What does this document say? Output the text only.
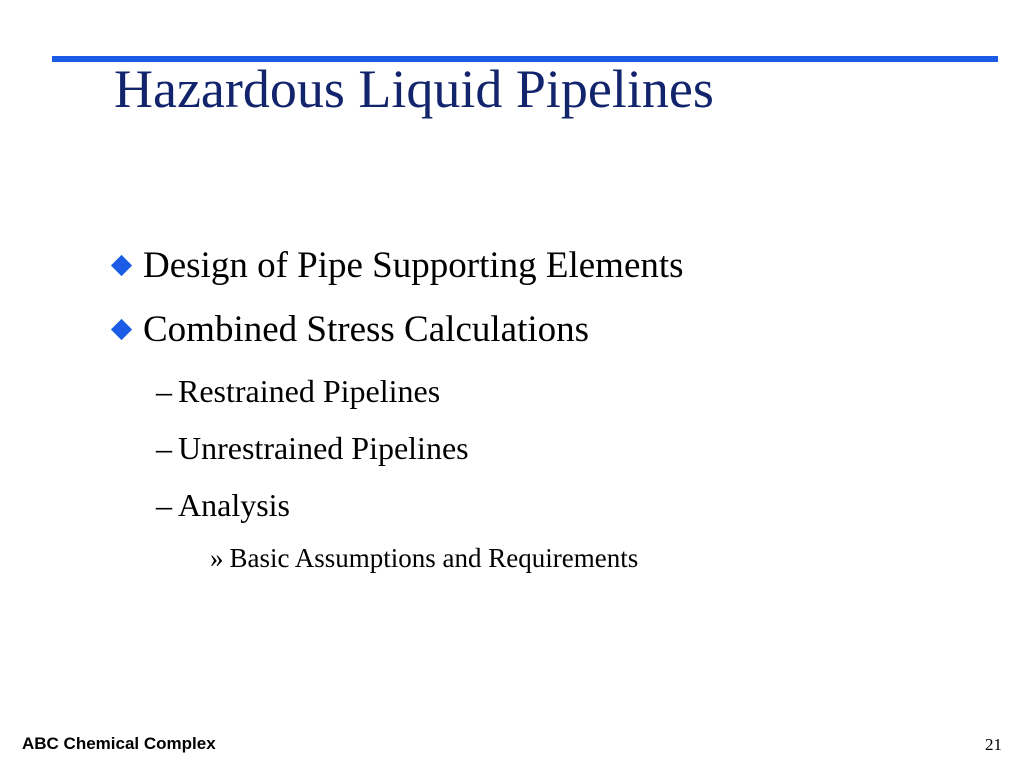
Hazardous Liquid Pipelines
Design of Pipe Supporting Elements
Combined Stress Calculations
– Restrained Pipelines
– Unrestrained Pipelines
– Analysis
» Basic Assumptions and Requirements
ABC Chemical Complex	21
